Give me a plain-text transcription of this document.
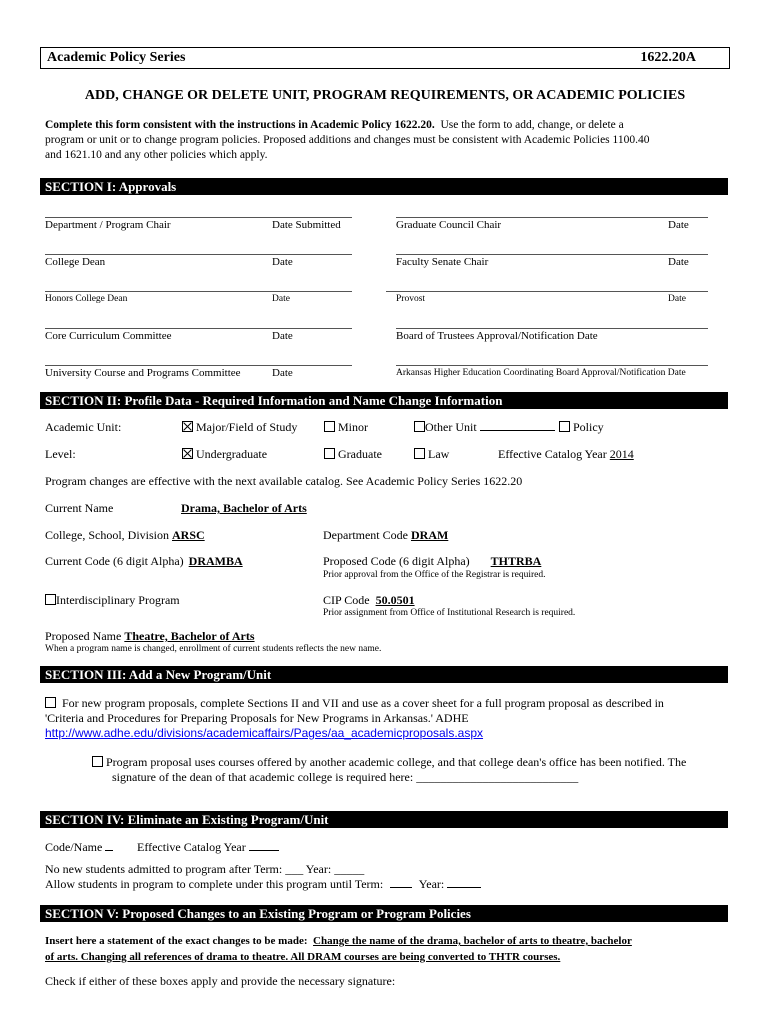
Academic Policy Series	1622.20A
ADD, CHANGE OR DELETE UNIT, PROGRAM REQUIREMENTS, OR ACADEMIC POLICIES
Complete this form consistent with the instructions in Academic Policy 1622.20. Use the form to add, change, or delete a
program or unit or to change program policies. Proposed additions and changes must be consistent with Academic Policies 1100.40
and 1621.10 and any other policies which apply.
SECTION I: Approvals
Department / Program Chair	Date Submitted	Graduate Council Chair	Date
College Dean	Date	Faculty Senate Chair	Date
Honors College Dean	Date	Provost	Date
Core Curriculum Committee	Date	Board of Trustees Approval/Notification Date
University Course and Programs Committee	Date	Arkansas Higher Education Coordinating Board Approval/Notification Date
SECTION II: Profile Data - Required Information and Name Change Information
Academic Unit:	Major/Field of Study	Minor	Other Unit	Policy
Level:	Undergraduate	Graduate	Law	Effective Catalog Year 2014
Program changes are effective with the next available catalog. See Academic Policy Series 1622.20
Current Name	Drama, Bachelor of Arts
College, School, Division ARSC	Department Code DRAM
Current Code (6 digit Alpha) DRAMBA	Proposed Code (6 digit Alpha) THTRBA
Prior approval from the Office of the Registrar is required.
Interdisciplinary Program	CIP Code 50.0501
Prior assignment from Office of Institutional Research is required.
Proposed Name Theatre, Bachelor of Arts
When a program name is changed, enrollment of current students reflects the new name.
SECTION III: Add a New Program/Unit
For new program proposals, complete Sections II and VII and use as a cover sheet for a full program proposal as described in
'Criteria and Procedures for Preparing Proposals for New Programs in Arkansas.' ADHE
http://www.adhe.edu/divisions/academicaffairs/Pages/aa_academicproposals.aspx
Program proposal uses courses offered by another academic college, and that college dean's office has been notified. The
signature of the dean of that academic college is required here: ___________________________
SECTION IV: Eliminate an Existing Program/Unit
Code/Name	Effective Catalog Year
No new students admitted to program after Term: ___ Year: _____
Allow students in program to complete under this program until Term:	Year:
SECTION V: Proposed Changes to an Existing Program or Program Policies
Insert here a statement of the exact changes to be made: Change the name of the drama, bachelor of arts to theatre, bachelor
of arts. Changing all references of drama to theatre. All DRAM courses are being converted to THTR courses.
Check if either of these boxes apply and provide the necessary signature:
